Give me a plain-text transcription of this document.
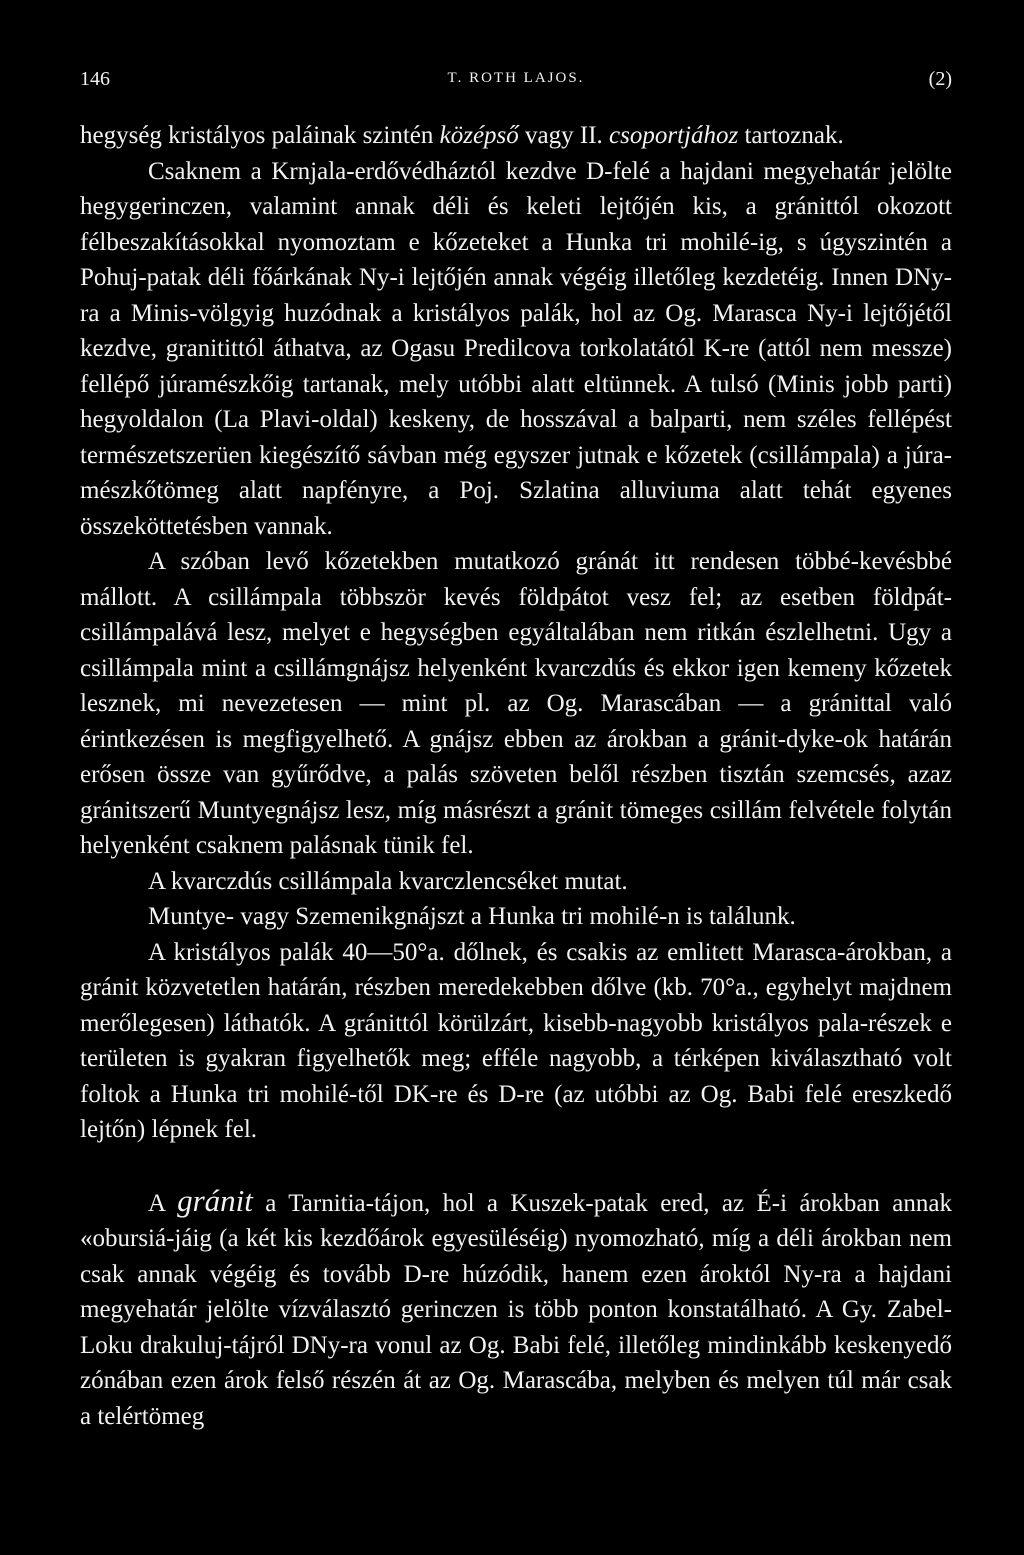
146	T. ROTH LAJOS.	(2)

hegység kristályos paláinak szintén középső vagy II. csoportjához tartoznak.

Csaknem a Krnjala-erdővédháztól kezdve D-felé a hajdani megyehatár jelölte hegygerinczen, valamint annak déli és keleti lejtőjén kis, a gránittól okozott félbeszakításokkal nyomoztam e kőzeteket a Hunka tri mohilé-ig, s úgyszintén a Pohuj-patak déli főárkának Ny-i lejtőjén annak végéig illetőleg kezdetéig. Innen DNy-ra a Minis-völgyig huzódnak a kristályos palák, hol az Og. Marasca Ny-i lejtőjétől kezdve, granitittól áthatva, az Ogasu Predilcova torkolatától K-re (attól nem messze) fellépő júramészkőig tartanak, mely utóbbi alatt eltünnek. A tulsó (Minis jobb parti) hegyoldalon (La Plavi-oldal) keskeny, de hosszával a balparti, nem széles fellépést természetszerüen kiegészítő sávban még egyszer jutnak e kőzetek (csillámpala) a júra-mészkőtömeg alatt napfényre, a Poj. Szlatina alluviuma alatt tehát egyenes összeköttetésben vannak.

A szóban levő kőzetekben mutatkozó gránát itt rendesen többé-kevésbbé mállott. A csillámpala többször kevés földpátot vesz fel; az esetben földpát-csillámpalává lesz, melyet e hegységben egyáltalában nem ritkán észlelhetni. Ugy a csillámpala mint a csillámgnájsz helyenként kvarczdús és ekkor igen kemeny kőzetek lesznek, mi nevezetesen — mint pl. az Og. Marascában — a gránittal való érintkezésen is megfigyelhető. A gnájsz ebben az árokban a gránit-dyke-ok határán erősen össze van gyűrődve, a palás szöveten belől részben tisztán szemcsés, azaz gránitszerű Muntyegnájsz lesz, míg másrészt a gránit tömeges csillám felvétele folytán helyenként csaknem palásnak tünik fel.

A kvarczdús csillámpala kvarczlencséket mutat.

Muntye- vagy Szemenikgnájszt a Hunka tri mohilé-n is találunk.

A kristályos palák 40—50°a. dőlnek, és csakis az emlitett Marasca-árokban, a gránit közvetetlen határán, részben meredekebben dőlve (kb. 70°a., egyhelyt majdnem merőlegesen) láthatók. A gránittól körülzárt, kisebb-nagyobb kristályos pala-részek e területen is gyakran figyelhetők meg; efféle nagyobb, a térképen kiválasztható volt foltok a Hunka tri mohilé-től DK-re és D-re (az utóbbi az Og. Babi felé ereszkedő lejtőn) lépnek fel.

A gránit a Tarnitia-tájon, hol a Kuszek-patak ered, az É-i árokban annak «obursiá-jáig (a két kis kezdőárok egyesüléséig) nyomozható, míg a déli árokban nem csak annak végéig és tovább D-re húzódik, hanem ezen ároktól Ny-ra a hajdani megyehatár jelölte vízválasztó gerinczen is több ponton konstatálható. A Gy. Zabel-Loku drakuluj-tájról DNy-ra vonul az Og. Babi felé, illetőleg mindinkább keskenyedő zónában ezen árok felső részén át az Og. Marascába, melyben és melyen túl már csak a telértömeg
